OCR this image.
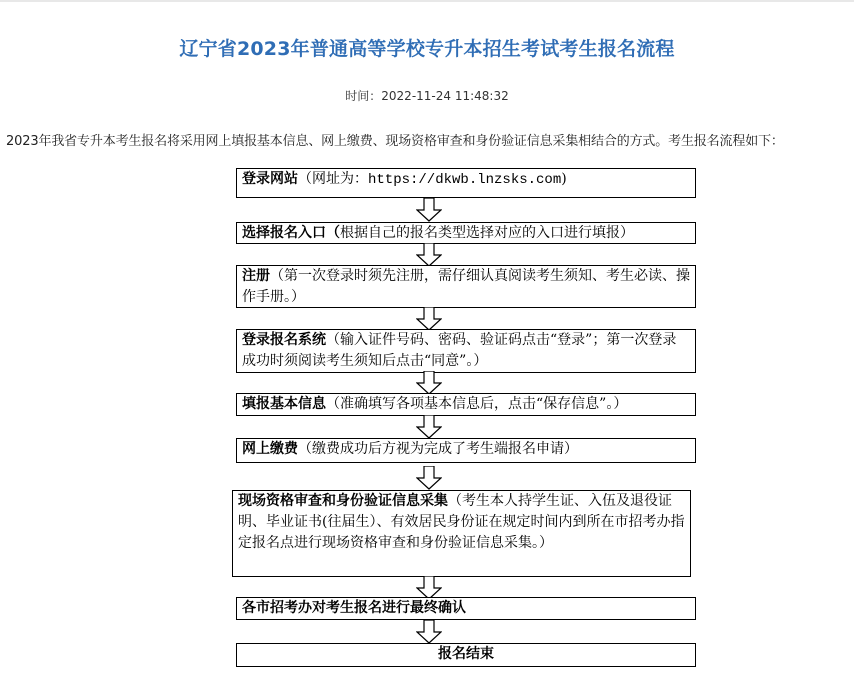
辽宁省2023年普通高等学校专升本招生考试考生报名流程
时间：2022-11-24 11:48:32

2023年我省专升本考生报名将采用网上填报基本信息、网上缴费、现场资格审查和身份验证信息采集相结合的方式。考生报名流程如下：

登录网站（网址为：https://dkwb.lnzsks.com)
选择报名入口（根据自己的报名类型选择对应的入口进行填报）
注册（第一次登录时须先注册，需仔细认真阅读考生须知、考生必读、操作手册。）
登录报名系统（输入证件号码、密码、验证码点击“登录”；第一次登录成功时须阅读考生须知后点击“同意”。）
填报基本信息（准确填写各项基本信息后，点击“保存信息”。）
网上缴费（缴费成功后方视为完成了考生端报名申请）
现场资格审查和身份验证信息采集（考生本人持学生证、入伍及退役证明、毕业证书(往届生）、有效居民身份证在规定时间内到所在市招考办指定报名点进行现场资格审查和身份验证信息采集。）
各市招考办对考生报名进行最终确认
报名结束
